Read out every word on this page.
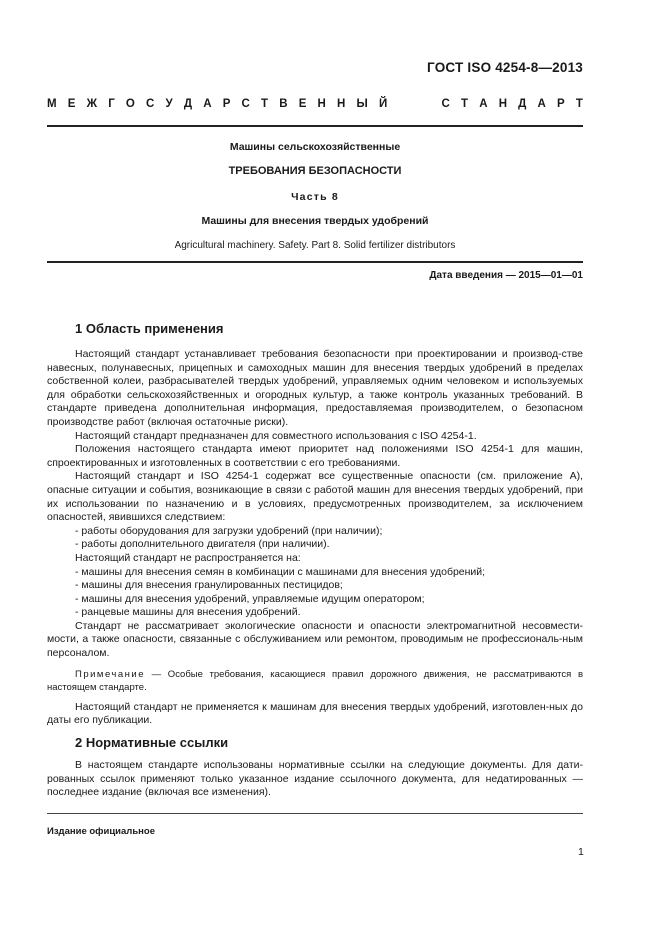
ГОСТ ISO 4254-8—2013
М Е Ж Г О С У Д А Р С Т В Е Н Н Ы Й

	С Т А Н Д А Р Т
Машины сельскохозяйственные
ТРЕБОВАНИЯ БЕЗОПАСНОСТИ
Часть 8
Машины для внесения твердых удобрений
Agricultural machinery. Safety. Part 8. Solid fertilizer distributors
Дата введения — 2015—01—01
1 Область применения

Настоящий стандарт устанавливает требования безопасности при проектировании и производ-стве навесных, полунавесных, прицепных и самоходных машин для внесения твердых удобрений в пределах собственной колеи, разбрасывателей твердых удобрений, управляемых одним человеком и используемых для обработки сельскохозяйственных и огородных культур, а также контроль указанных требований. В стандарте приведена дополнительная информация, предоставляемая производителем, о безопасном производстве работ (включая остаточные риски).

Настоящий стандарт предназначен для совместного использования с ISO 4254-1.

Положения настоящего стандарта имеют приоритет над положениями ISO 4254-1 для машин, спроектированных и изготовленных в соответствии с его требованиями.

Настоящий стандарт и ISO 4254-1 содержат все существенные опасности (см. приложение А), опасные ситуации и события, возникающие в связи с работой машин для внесения твердых удобрений, при их использовании по назначению и в условиях, предусмотренных производителем, за исключением опасностей, явившихся следствием:

- работы оборудования для загрузки удобрений (при наличии);

- работы дополнительного двигателя (при наличии).

Настоящий стандарт не распространяется на:

- машины для внесения семян в комбинации с машинами для внесения удобрений;

- машины для внесения гранулированных пестицидов;

- машины для внесения удобрений, управляемые идущим оператором;

- ранцевые машины для внесения удобрений.

Стандарт не рассматривает экологические опасности и опасности электромагнитной несовмести-мости, а также опасности, связанные с обслуживанием или ремонтом, проводимым не профессиональ-ным персоналом.

Примечание — Особые требования, касающиеся правил дорожного движения, не рассматриваются в настоящем стандарте.

Настоящий стандарт не применяется к машинам для внесения твердых удобрений, изготовлен-ных до даты его публикации.

2 Нормативные ссылки

В настоящем стандарте использованы нормативные ссылки на следующие документы. Для дати-рованных ссылок применяют только указанное издание ссылочного документа, для недатированных — последнее издание (включая все изменения).

Издание официальное
1
